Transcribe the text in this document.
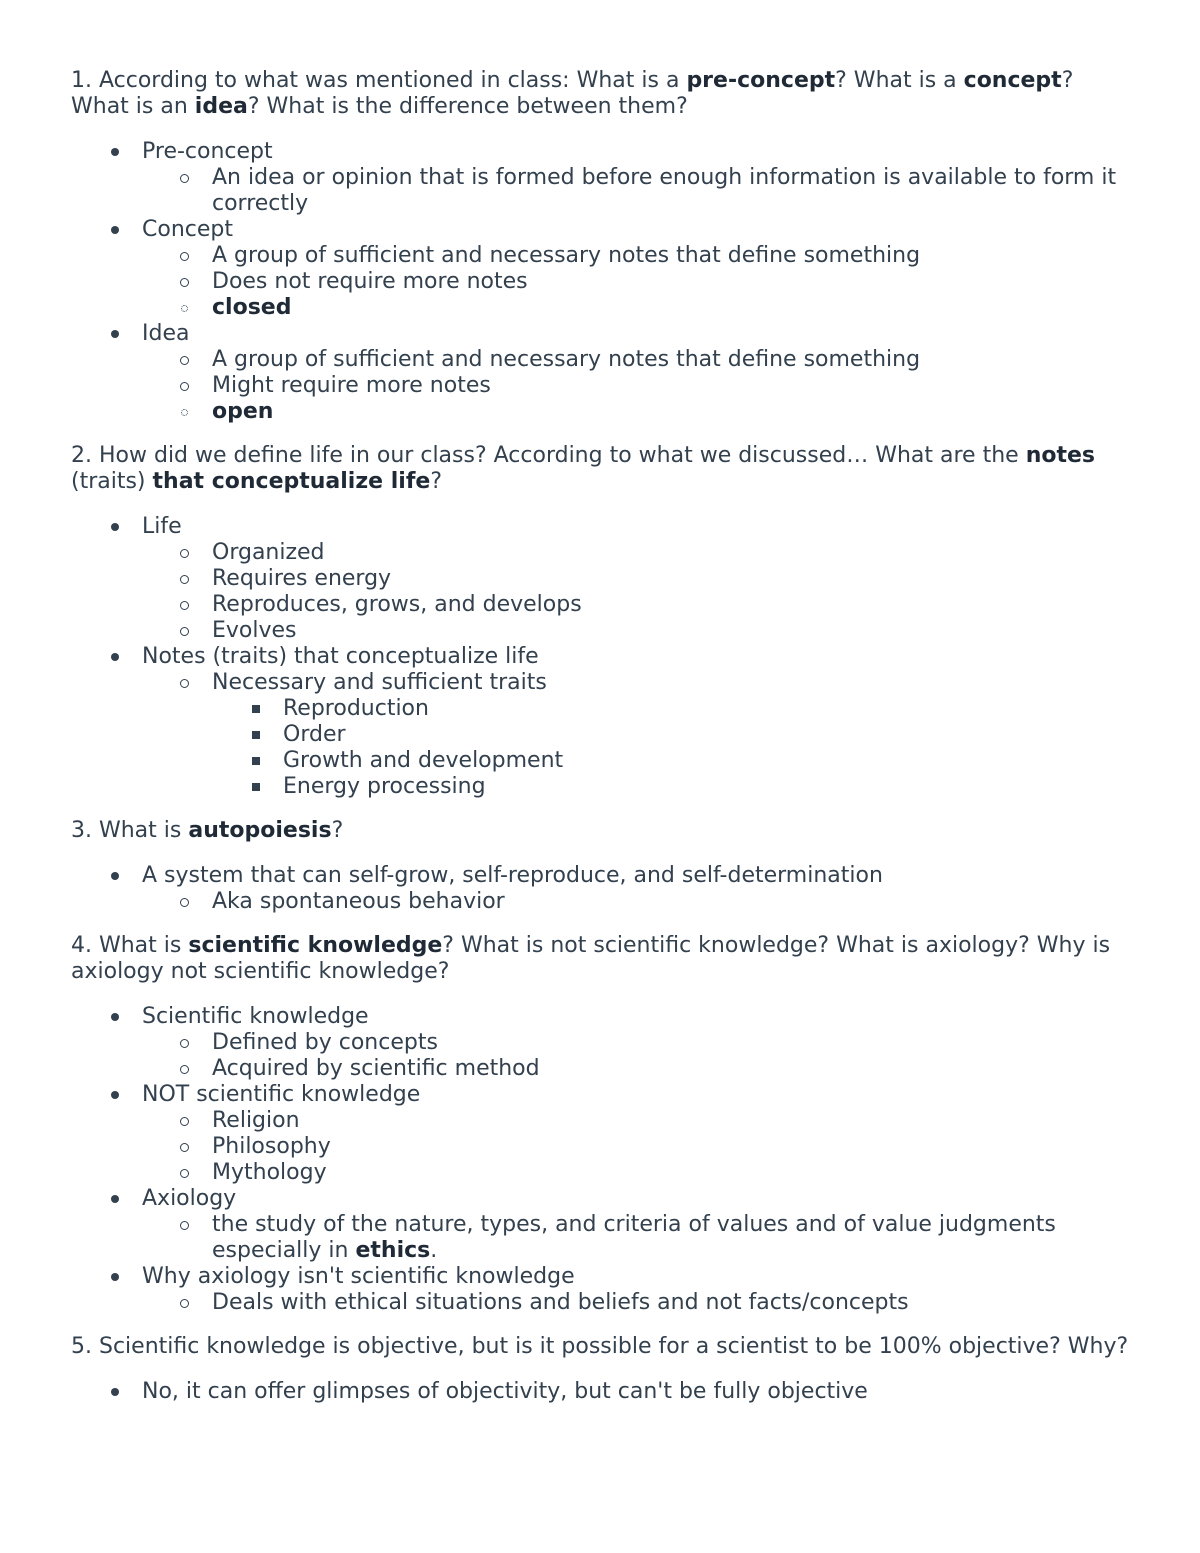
1. According to what was mentioned in class: What is a pre-concept? What is a concept? What is an idea? What is the difference between them?

Pre-concept
An idea or opinion that is formed before enough information is available to form it correctly
Concept
A group of sufficient and necessary notes that define something
Does not require more notes
closed
Idea
A group of sufficient and necessary notes that define something
Might require more notes
open

2. How did we define life in our class? According to what we discussed… What are the notes (traits) that conceptualize life?

Life
Organized
Requires energy
Reproduces, grows, and develops
Evolves
Notes (traits) that conceptualize life
Necessary and sufficient traits
Reproduction
Order
Growth and development
Energy processing

3. What is autopoiesis?

A system that can self-grow, self-reproduce, and self-determination
Aka spontaneous behavior

4. What is scientific knowledge? What is not scientific knowledge? What is axiology? Why is axiology not scientific knowledge?

Scientific knowledge
Defined by concepts
Acquired by scientific method
NOT scientific knowledge
Religion
Philosophy
Mythology
Axiology
the study of the nature, types, and criteria of values and of value judgments especially in ethics.
Why axiology isn't scientific knowledge
Deals with ethical situations and beliefs and not facts/concepts

5. Scientific knowledge is objective, but is it possible for a scientist to be 100% objective? Why?

No, it can offer glimpses of objectivity, but can't be fully objective
